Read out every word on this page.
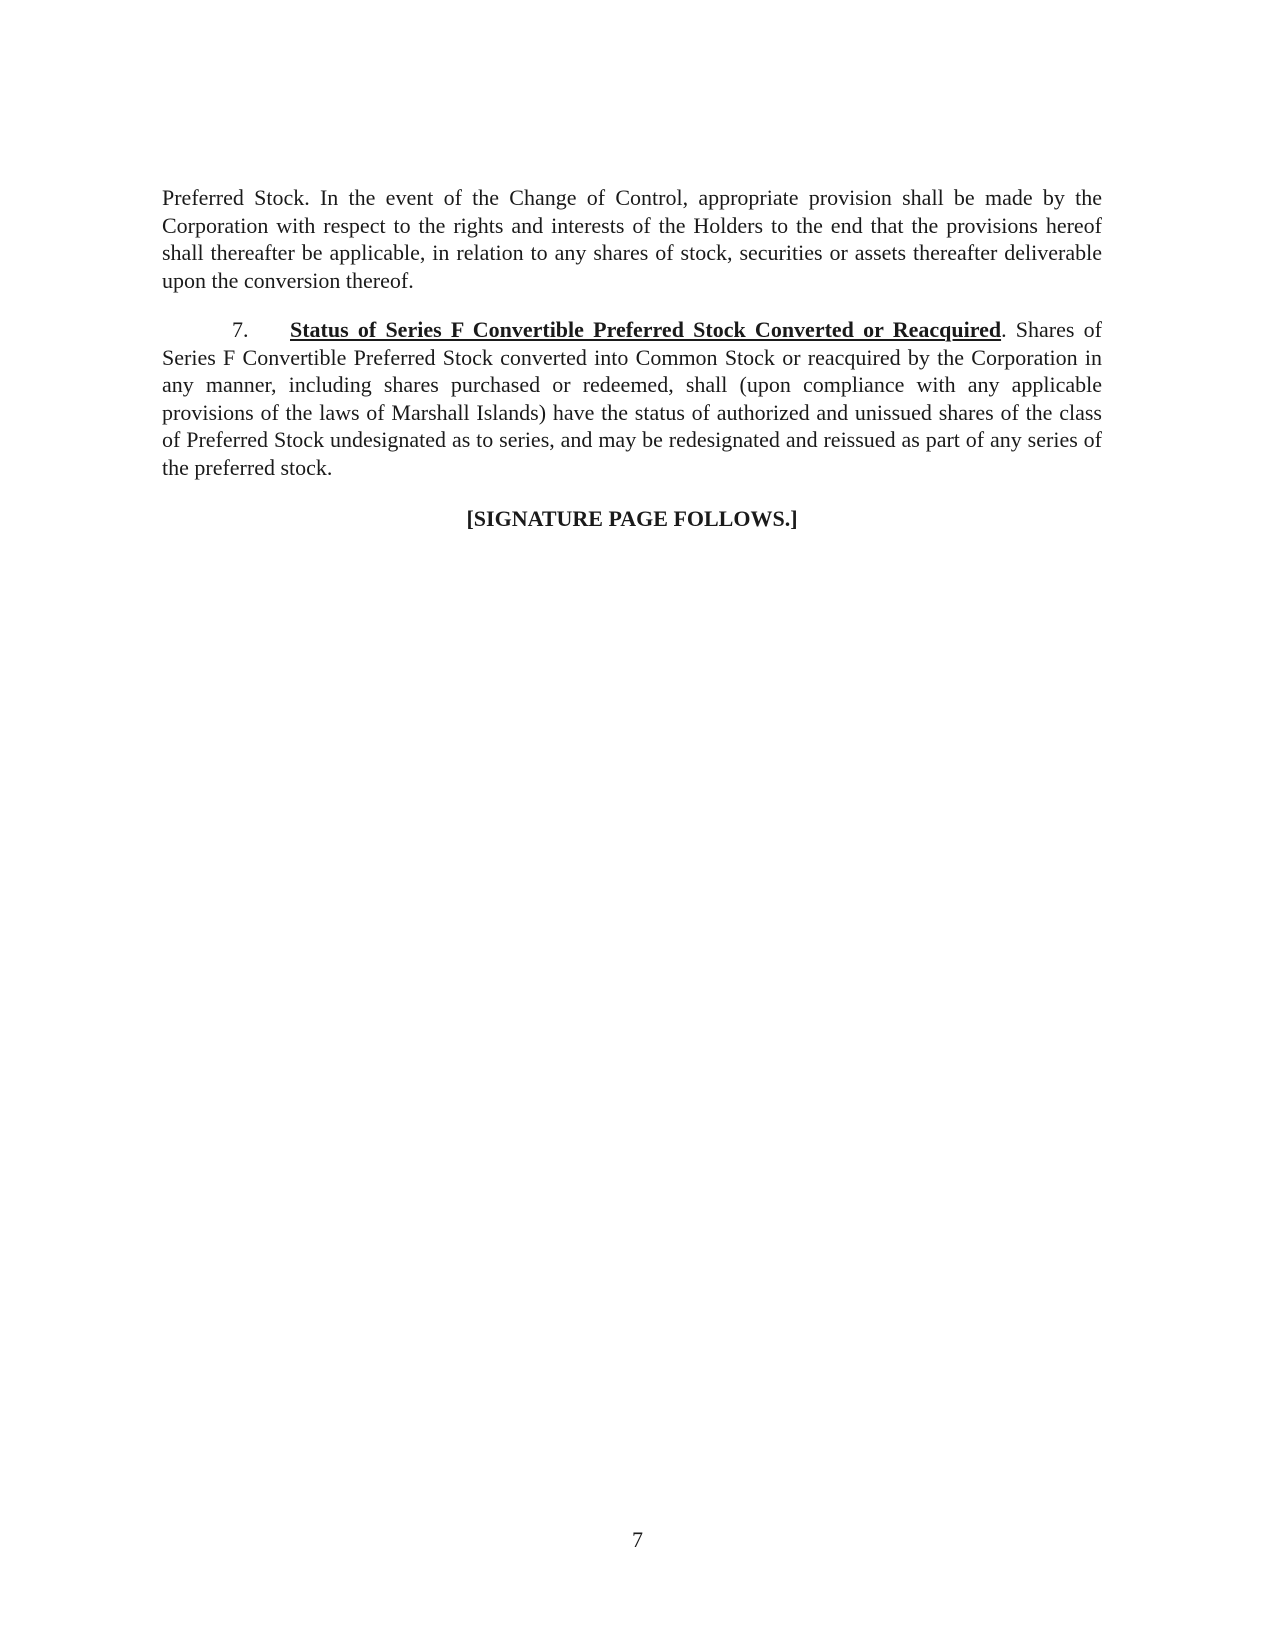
Preferred Stock. In the event of the Change of Control, appropriate provision shall be made by the Corporation with respect to the rights and interests of the Holders to the end that the provisions hereof shall thereafter be applicable, in relation to any shares of stock, securities or assets thereafter deliverable upon the conversion thereof.

7. Status of Series F Convertible Preferred Stock Converted or Reacquired. Shares of Series F Convertible Preferred Stock converted into Common Stock or reacquired by the Corporation in any manner, including shares purchased or redeemed, shall (upon compliance with any applicable provisions of the laws of Marshall Islands) have the status of authorized and unissued shares of the class of Preferred Stock undesignated as to series, and may be redesignated and reissued as part of any series of the preferred stock.

[SIGNATURE PAGE FOLLOWS.]

7
